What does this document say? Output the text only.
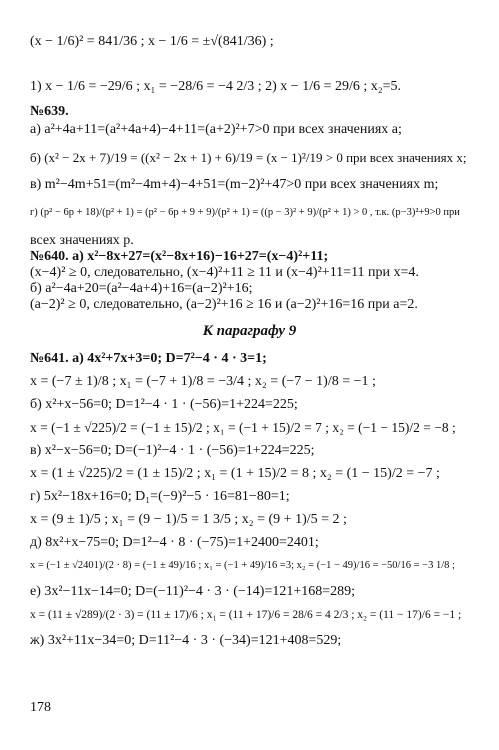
К параграфу 9
178
(x − 1/6)² = 841/36 ; x − 1/6 = ±√(841/36) ;
1) x − 1/6 = −29/6 ; x₁ = −28/6 = −4 2/3 ; 2) x − 1/6 = 29/6 ; x₂=5.
№639.
а) a²+4a+11=(a²+4a+4)−4+11=(a+2)²+7>0 при всех значениях a;
б) (x² − 2x + 7)/19 = ((x² − 2x + 1) + 6)/19 = (x − 1)²/19 > 0 при всех значениях x;
в) m²−4m+51=(m²−4m+4)−4+51=(m−2)²+47>0 при всех значениях m;
г) (p² − 6p + 18)/(p² + 1) = (p² − 6p + 9 + 9)/(p² + 1) = ((p − 3)² + 9)/(p² + 1) > 0 , т.к. (p−3)²+9>0 при
всех значениях p.
№640. а) x²−8x+27=(x²−8x+16)−16+27=(x−4)²+11;
(x−4)² ≥ 0, следовательно, (x−4)²+11 ≥ 11 и (x−4)²+11=11 при x=4.
б) a²−4a+20=(a²−4a+4)+16=(a−2)²+16;
(a−2)² ≥ 0, следовательно, (a−2)²+16 ≥ 16 и (a−2)²+16=16 при a=2.
№641. а) 4x²+7x+3=0; D=7²−4 · 4 · 3=1;
x = (−7 ± 1)/8 ; x₁ = (−7 + 1)/8 = −3/4 ; x₂ = (−7 − 1)/8 = −1 ;
б) x²+x−56=0; D=1²−4 · 1 · (−56)=1+224=225;
x = (−1 ± √225)/2 = (−1 ± 15)/2 ; x₁ = (−1 + 15)/2 = 7 ; x₂ = (−1 − 15)/2 = −8 ;
в) x²−x−56=0; D=(−1)²−4 · 1 · (−56)=1+224=225;
x = (1 ± √225)/2 = (1 ± 15)/2 ; x₁ = (1 + 15)/2 = 8 ; x₂ = (1 − 15)/2 = −7 ;
г) 5x²−18x+16=0; D₁=(−9)²−5 · 16=81−80=1;
x = (9 ± 1)/5 ; x₁ = (9 − 1)/5 = 1 3/5 ; x₂ = (9 + 1)/5 = 2 ;
д) 8x²+x−75=0; D=1²−4 · 8 · (−75)=1+2400=2401;
x = (−1 ± √2401)/(2 · 8) = (−1 ± 49)/16 ; x₁ = (−1 + 49)/16 =3; x₂ = (−1 − 49)/16 = −50/16 = −3 1/8 ;
е) 3x²−11x−14=0; D=(−11)²−4 · 3 · (−14)=121+168=289;
x = (11 ± √289)/(2 · 3) = (11 ± 17)/6 ; x₁ = (11 + 17)/6 = 28/6 = 4 2/3 ; x₂ = (11 − 17)/6 = −1 ;
ж) 3x²+11x−34=0; D=11²−4 · 3 · (−34)=121+408=529;
